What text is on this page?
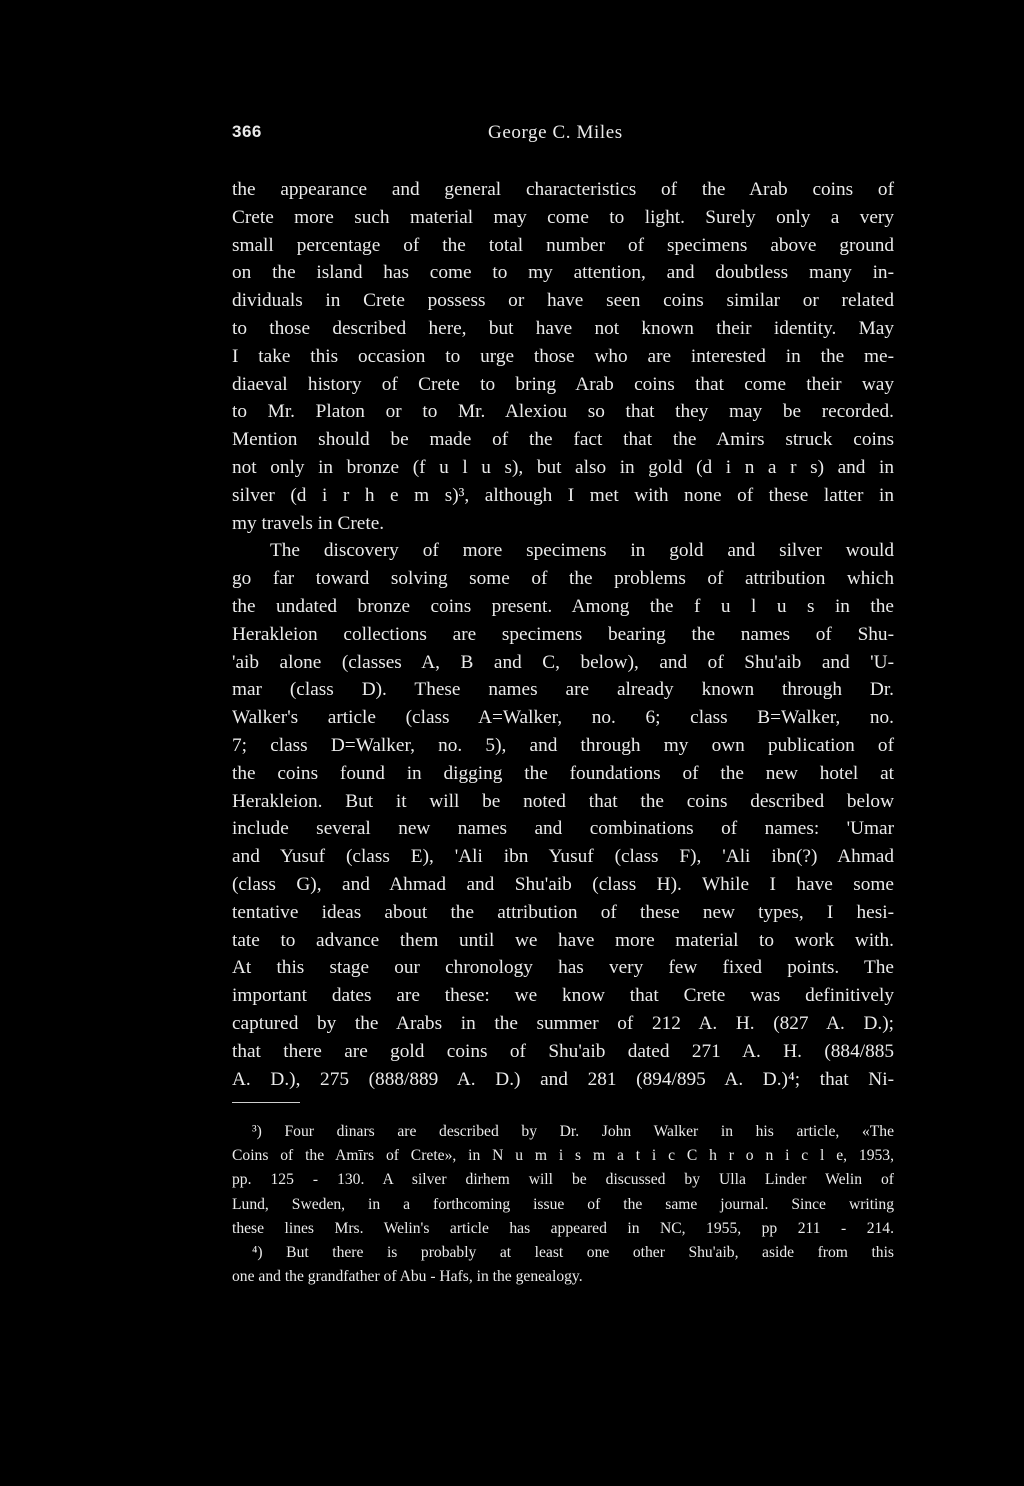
366	George C. Miles
the appearance and general characteristics of the Arab coins of
Crete more such material may come to light. Surely only a very
small percentage of the total number of specimens above ground
on the island has come to my attention, and doubtless many in-
dividuals in Crete possess or have seen coins similar or related
to those described here, but have not known their identity. May
I take this occasion to urge those who are interested in the me-
diaeval history of Crete to bring Arab coins that come their way
to Mr. Platon or to Mr. Alexiou so that they may be recorded.
Mention should be made of the fact that the Amirs struck coins
not only in bronze (f u l u s), but also in gold (d i n a r s) and in
silver (d i r h e m s)³, although I met with none of these latter in
my travels in Crete.
The discovery of more specimens in gold and silver would
go far toward solving some of the problems of attribution which
the undated bronze coins present. Among the f u l u s in the
Herakleion collections are specimens bearing the names of Shu-
'aib alone (classes A, B and C, below), and of Shu'aib and 'U-
mar (class D). These names are already known through Dr.
Walker's article (class A=Walker, no. 6; class B=Walker, no.
7; class D=Walker, no. 5), and through my own publication of
the coins found in digging the foundations of the new hotel at
Herakleion. But it will be noted that the coins described below
include several new names and combinations of names: 'Umar
and Yusuf (class E), 'Ali ibn Yusuf (class F), 'Ali ibn(?) Ahmad
(class G), and Ahmad and Shu'aib (class H). While I have some
tentative ideas about the attribution of these new types, I hesi-
tate to advance them until we have more material to work with.
At this stage our chronology has very few fixed points. The
important dates are these: we know that Crete was definitively
captured by the Arabs in the summer of 212 A. H. (827 A. D.);
that there are gold coins of Shu'aib dated 271 A. H. (884/885
A. D.), 275 (888/889 A. D.) and 281 (894/895 A. D.)⁴; that Ni-
³) Four dinars are described by Dr. John Walker in his article, «The
Coins of the Amīrs of Crete», in N u m i s m a t i c C h r o n i c l e, 1953,
pp. 125 - 130. A silver dirhem will be discussed by Ulla Linder Welin of
Lund, Sweden, in a forthcoming issue of the same journal. Since writing
these lines Mrs. Welin's article has appeared in NC, 1955, pp 211 - 214.
⁴) But there is probably at least one other Shu'aib, aside from this
one and the grandfather of Abu - Hafs, in the genealogy.
